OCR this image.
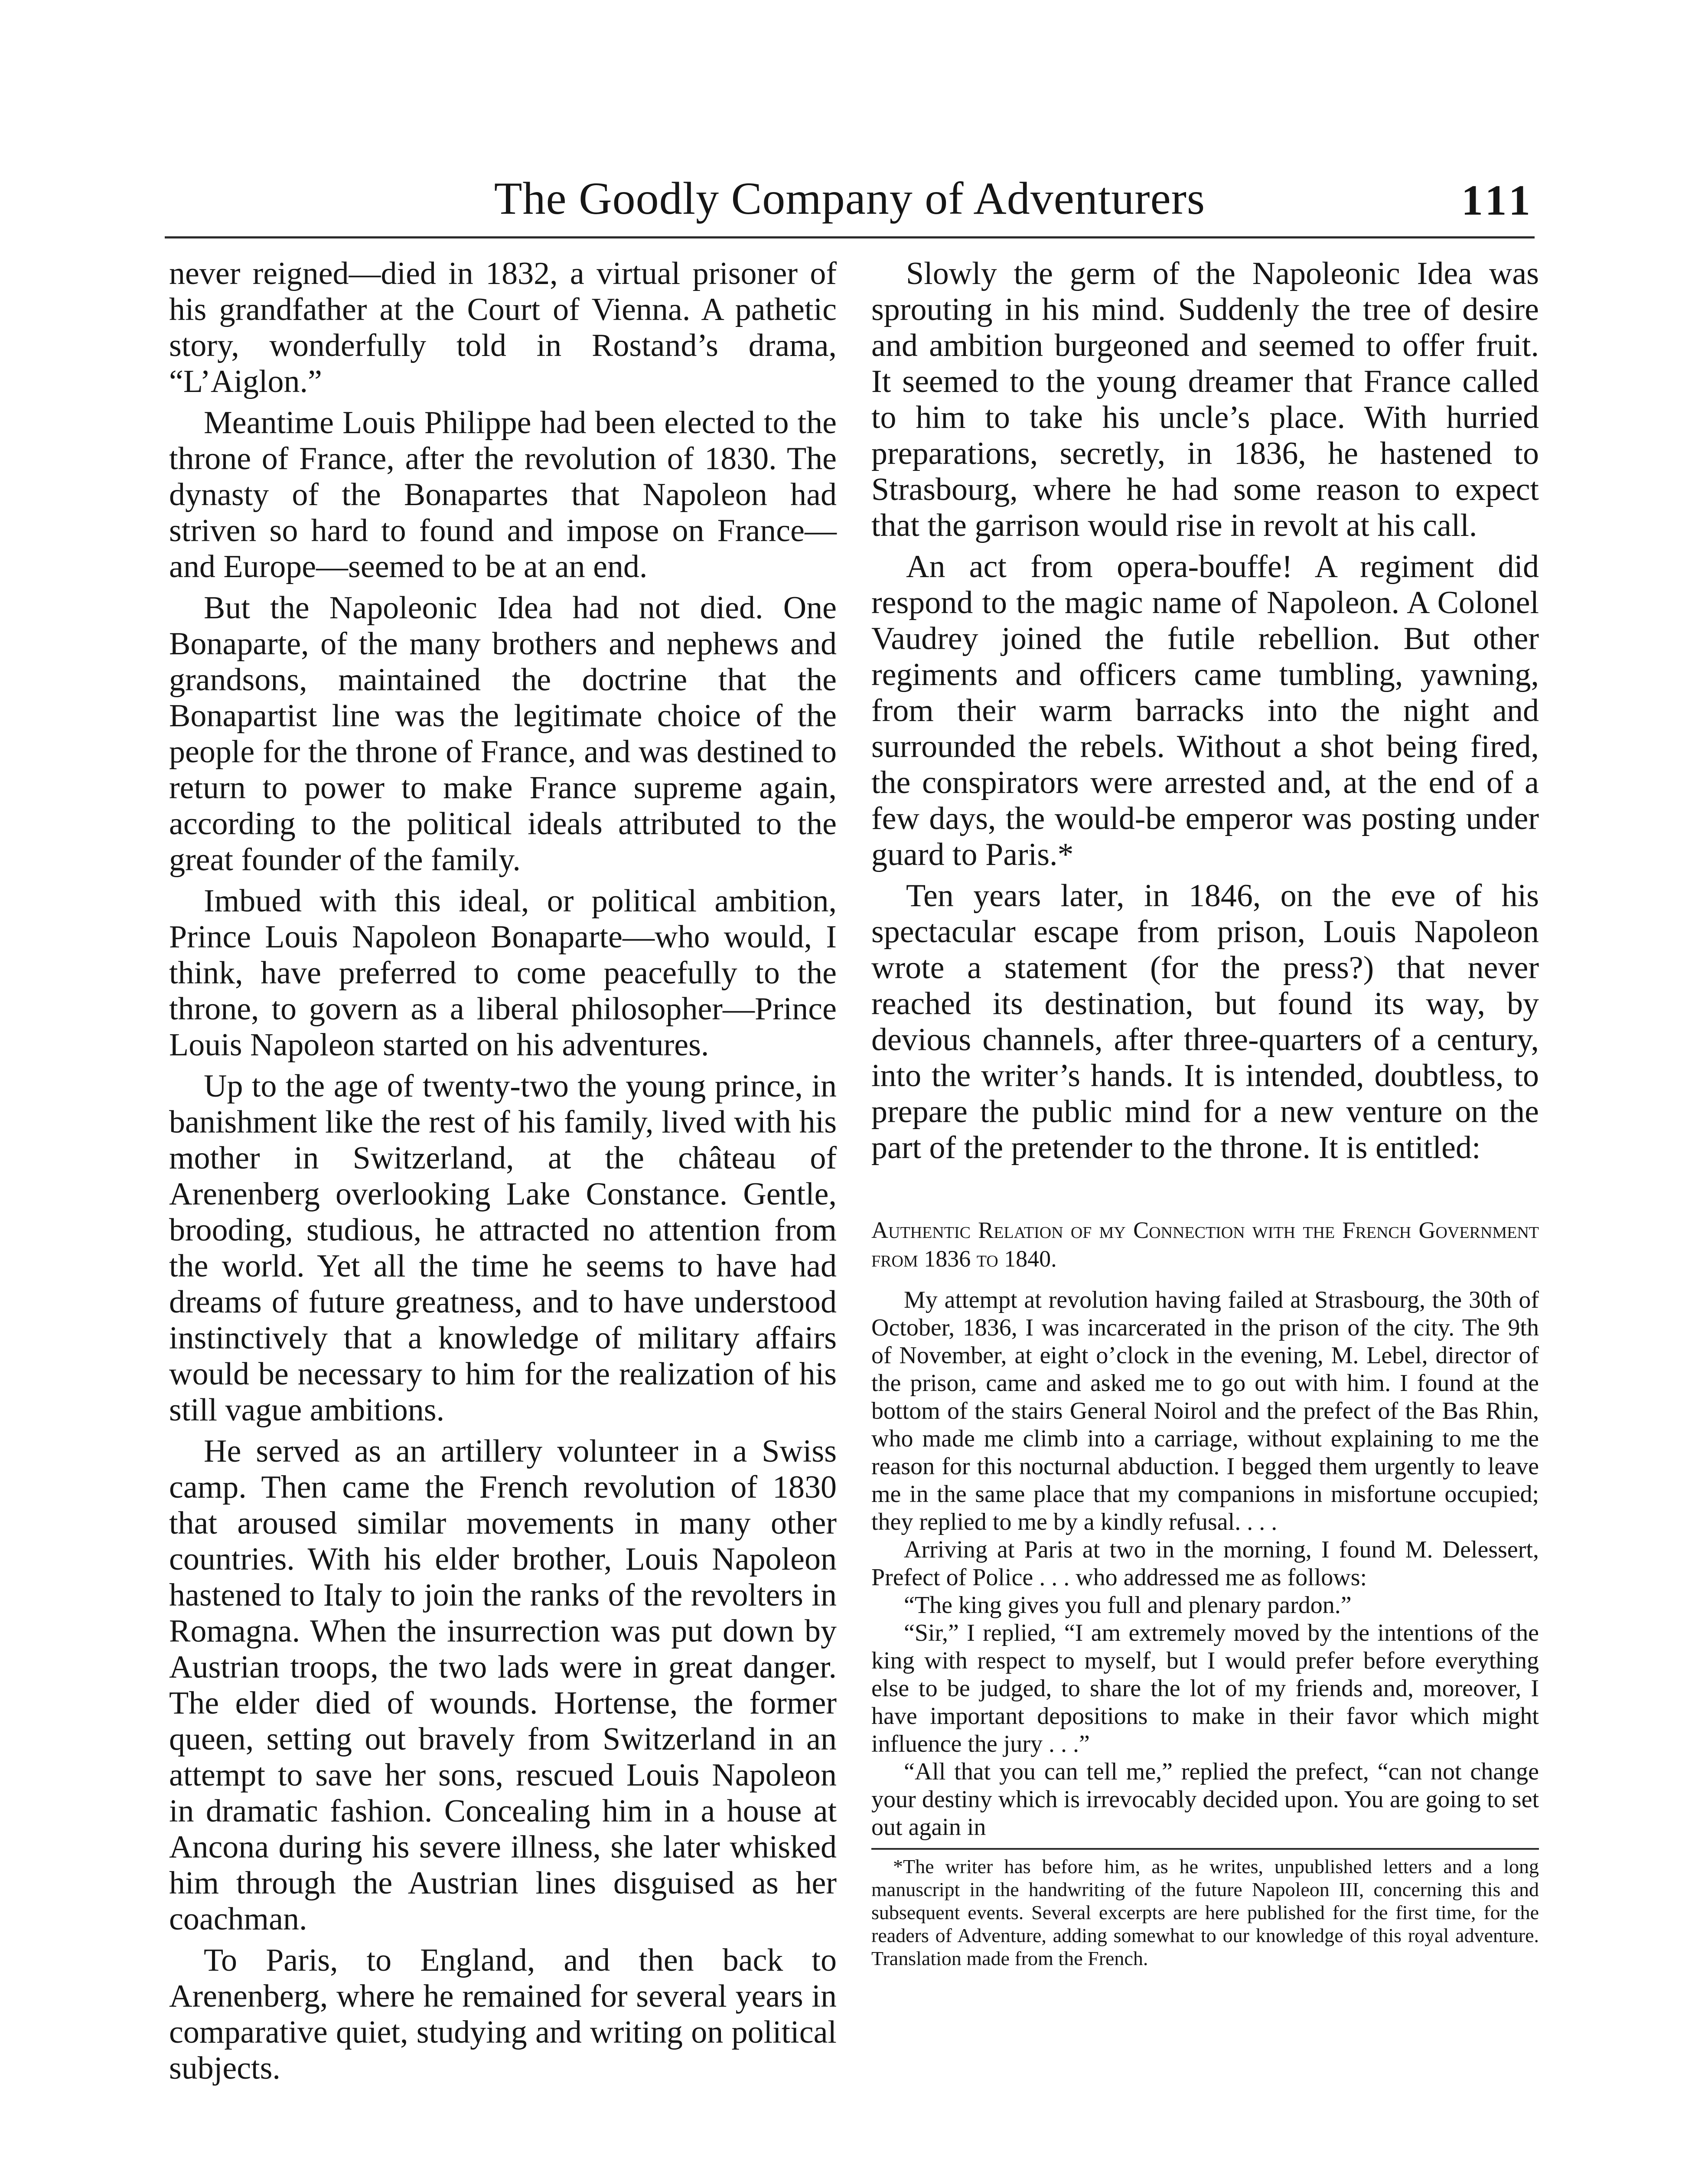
The Goodly Company of Adventurers	111

never reigned—died in 1832, a virtual prisoner of his grandfather at the Court of Vienna. A pathetic story, wonderfully told in Rostand’s drama, “L’Aiglon.”

Meantime Louis Philippe had been elected to the throne of France, after the revolution of 1830. The dynasty of the Bonapartes that Napoleon had striven so hard to found and impose on France—and Europe—seemed to be at an end.

But the Napoleonic Idea had not died. One Bonaparte, of the many brothers and nephews and grandsons, maintained the doctrine that the Bonapartist line was the legitimate choice of the people for the throne of France, and was destined to return to power to make France supreme again, according to the political ideals attributed to the great founder of the family.

Imbued with this ideal, or political ambition, Prince Louis Napoleon Bonaparte—who would, I think, have preferred to come peacefully to the throne, to govern as a liberal philosopher—Prince Louis Napoleon started on his adventures.

Up to the age of twenty-two the young prince, in banishment like the rest of his family, lived with his mother in Switzerland, at the château of Arenenberg overlooking Lake Constance. Gentle, brooding, studious, he attracted no attention from the world. Yet all the time he seems to have had dreams of future greatness, and to have understood instinctively that a knowledge of military affairs would be necessary to him for the realization of his still vague ambitions.

He served as an artillery volunteer in a Swiss camp. Then came the French revolution of 1830 that aroused similar movements in many other countries. With his elder brother, Louis Napoleon hastened to Italy to join the ranks of the revolters in Romagna. When the insurrection was put down by Austrian troops, the two lads were in great danger. The elder died of wounds. Hortense, the former queen, setting out bravely from Switzerland in an attempt to save her sons, rescued Louis Napoleon in dramatic fashion. Concealing him in a house at Ancona during his severe illness, she later whisked him through the Austrian lines disguised as her coachman.

To Paris, to England, and then back to Arenenberg, where he remained for several years in comparative quiet, studying and writing on political subjects.

Slowly the germ of the Napoleonic Idea was sprouting in his mind. Suddenly the tree of desire and ambition burgeoned and seemed to offer fruit. It seemed to the young dreamer that France called to him to take his uncle’s place. With hurried preparations, secretly, in 1836, he hastened to Strasbourg, where he had some reason to expect that the garrison would rise in revolt at his call.

An act from opera-bouffe! A regiment did respond to the magic name of Napoleon. A Colonel Vaudrey joined the futile rebellion. But other regiments and officers came tumbling, yawning, from their warm barracks into the night and surrounded the rebels. Without a shot being fired, the conspirators were arrested and, at the end of a few days, the would-be emperor was posting under guard to Paris.*

Ten years later, in 1846, on the eve of his spectacular escape from prison, Louis Napoleon wrote a statement (for the press?) that never reached its destination, but found its way, by devious channels, after three-quarters of a century, into the writer’s hands. It is intended, doubtless, to prepare the public mind for a new venture on the part of the pretender to the throne. It is entitled:

Authentic Relation of my Connection with the French Government from 1836 to 1840.

My attempt at revolution having failed at Strasbourg, the 30th of October, 1836, I was incarcerated in the prison of the city. The 9th of November, at eight o’clock in the evening, M. Lebel, director of the prison, came and asked me to go out with him. I found at the bottom of the stairs General Noirol and the prefect of the Bas Rhin, who made me climb into a carriage, without explaining to me the reason for this nocturnal abduction. I begged them urgently to leave me in the same place that my companions in misfortune occupied; they replied to me by a kindly refusal. . . .

Arriving at Paris at two in the morning, I found M. Delessert, Prefect of Police . . . who addressed me as follows:

“The king gives you full and plenary pardon.”

“Sir,” I replied, “I am extremely moved by the intentions of the king with respect to myself, but I would prefer before everything else to be judged, to share the lot of my friends and, moreover, I have important depositions to make in their favor which might influence the jury . . .”

“All that you can tell me,” replied the prefect, “can not change your destiny which is irrevocably decided upon. You are going to set out again in

*The writer has before him, as he writes, unpublished letters and a long manuscript in the handwriting of the future Napoleon III, concerning this and subsequent events. Several excerpts are here published for the first time, for the readers of Adventure, adding somewhat to our knowledge of this royal adventure. Translation made from the French.
